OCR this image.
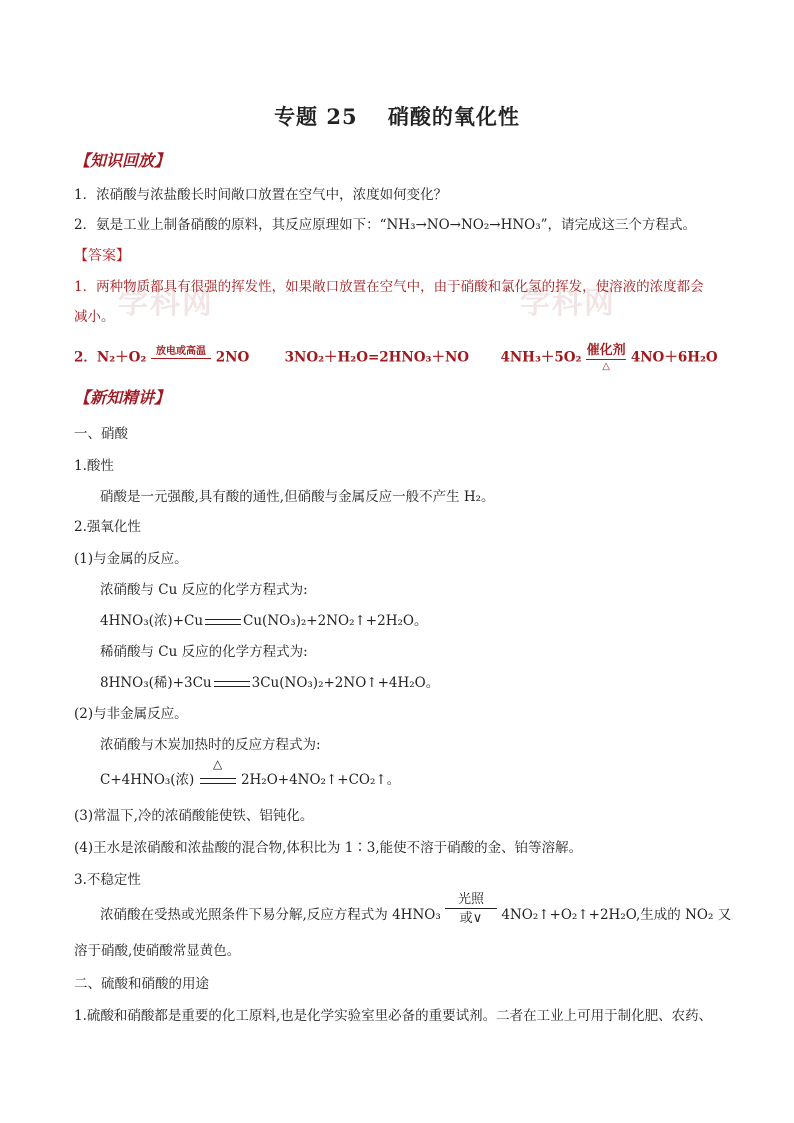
学科网	学科网
专题 25　 硝酸的氧化性
【知识回放】
1．浓硝酸与浓盐酸长时间敞口放置在空气中，浓度如何变化？
2．氨是工业上制备硝酸的原料，其反应原理如下：“NH₃→NO→NO₂→HNO₃”，请完成这三个方程式。
【答案】
1．两种物质都具有很强的挥发性，如果敞口放置在空气中，由于硝酸和氯化氢的挥发，使溶液的浓度都会
减小。
2．N₂＋O₂ 放电或高温
2NO	3NO₂＋H₂O=2HNO₃＋NO 4NH₃＋5O₂ 催化剂
△
4NO＋6H₂O
【新知精讲】
一、硝酸
1.酸性
硝酸是一元强酸,具有酸的通性,但硝酸与金属反应一般不产生 H₂。
2.强氧化性
(1)与金属的反应。
浓硝酸与 Cu 反应的化学方程式为:
4HNO₃(浓)+Cu	Cu(NO₃)₂+2NO₂↑+2H₂O。
稀硝酸与 Cu 反应的化学方程式为:
8HNO₃(稀)+3Cu	3Cu(NO₃)₂+2NO↑+4H₂O。
(2)与非金属反应。
浓硝酸与木炭加热时的反应方程式为:
C+4HNO₃(浓)
△
2H₂O+4NO₂↑+CO₂↑。
(3)常温下,冷的浓硝酸能使铁、铝钝化。
(4)王水是浓硝酸和浓盐酸的混合物,体积比为 1∶3,能使不溶于硝酸的金、铂等溶解。
3.不稳定性
浓硝酸在受热或光照条件下易分解,反应方程式为 4HNO₃
光照
或∨	4NO₂↑+O₂↑+2H₂O,生成的 NO₂ 又
溶于硝酸,使硝酸常显黄色。
二、硫酸和硝酸的用途
1.硫酸和硝酸都是重要的化工原料,也是化学实验室里必备的重要试剂。二者在工业上可用于制化肥、农药、
